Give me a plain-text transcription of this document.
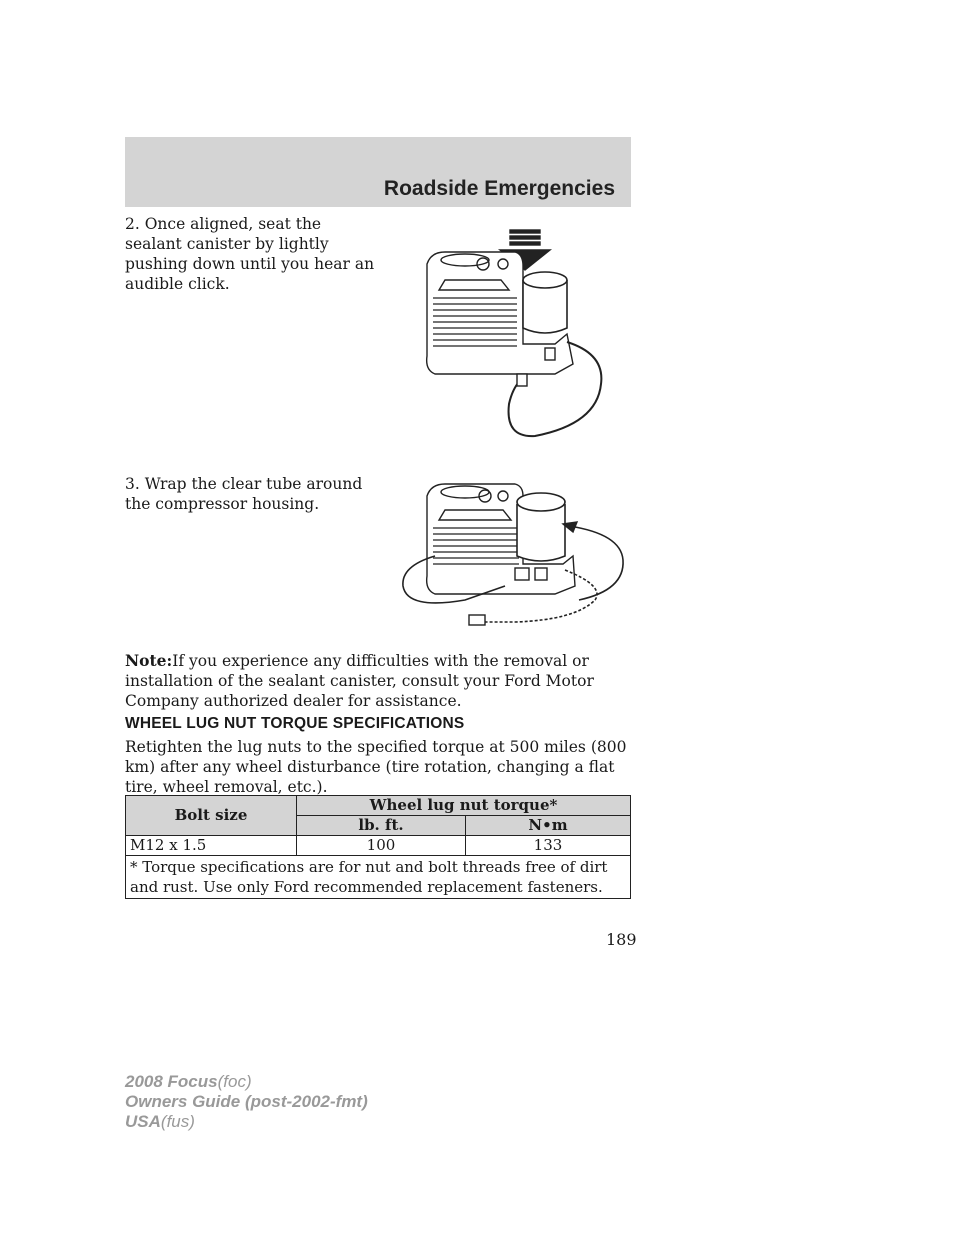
Roadside Emergencies
2. Once aligned, seat the sealant canister by lightly pushing down until you hear an audible click.
3. Wrap the clear tube around the compressor housing.
Note:If you experience any difficulties with the removal or installation of the sealant canister, consult your Ford Motor Company authorized dealer for assistance.
WHEEL LUG NUT TORQUE SPECIFICATIONS
Retighten the lug nuts to the specified torque at 500 miles (800 km) after any wheel disturbance (tire rotation, changing a flat tire, wheel removal, etc.).
Bolt size	Wheel lug nut torque*	
	lb. ft.	N•m
M12 x 1.5	100	133
* Torque specifications are for nut and bolt threads free of dirt and rust. Use only Ford recommended replacement fasteners.		
189
2008 Focus(foc)
Owners Guide (post-2002-fmt)
USA(fus)
